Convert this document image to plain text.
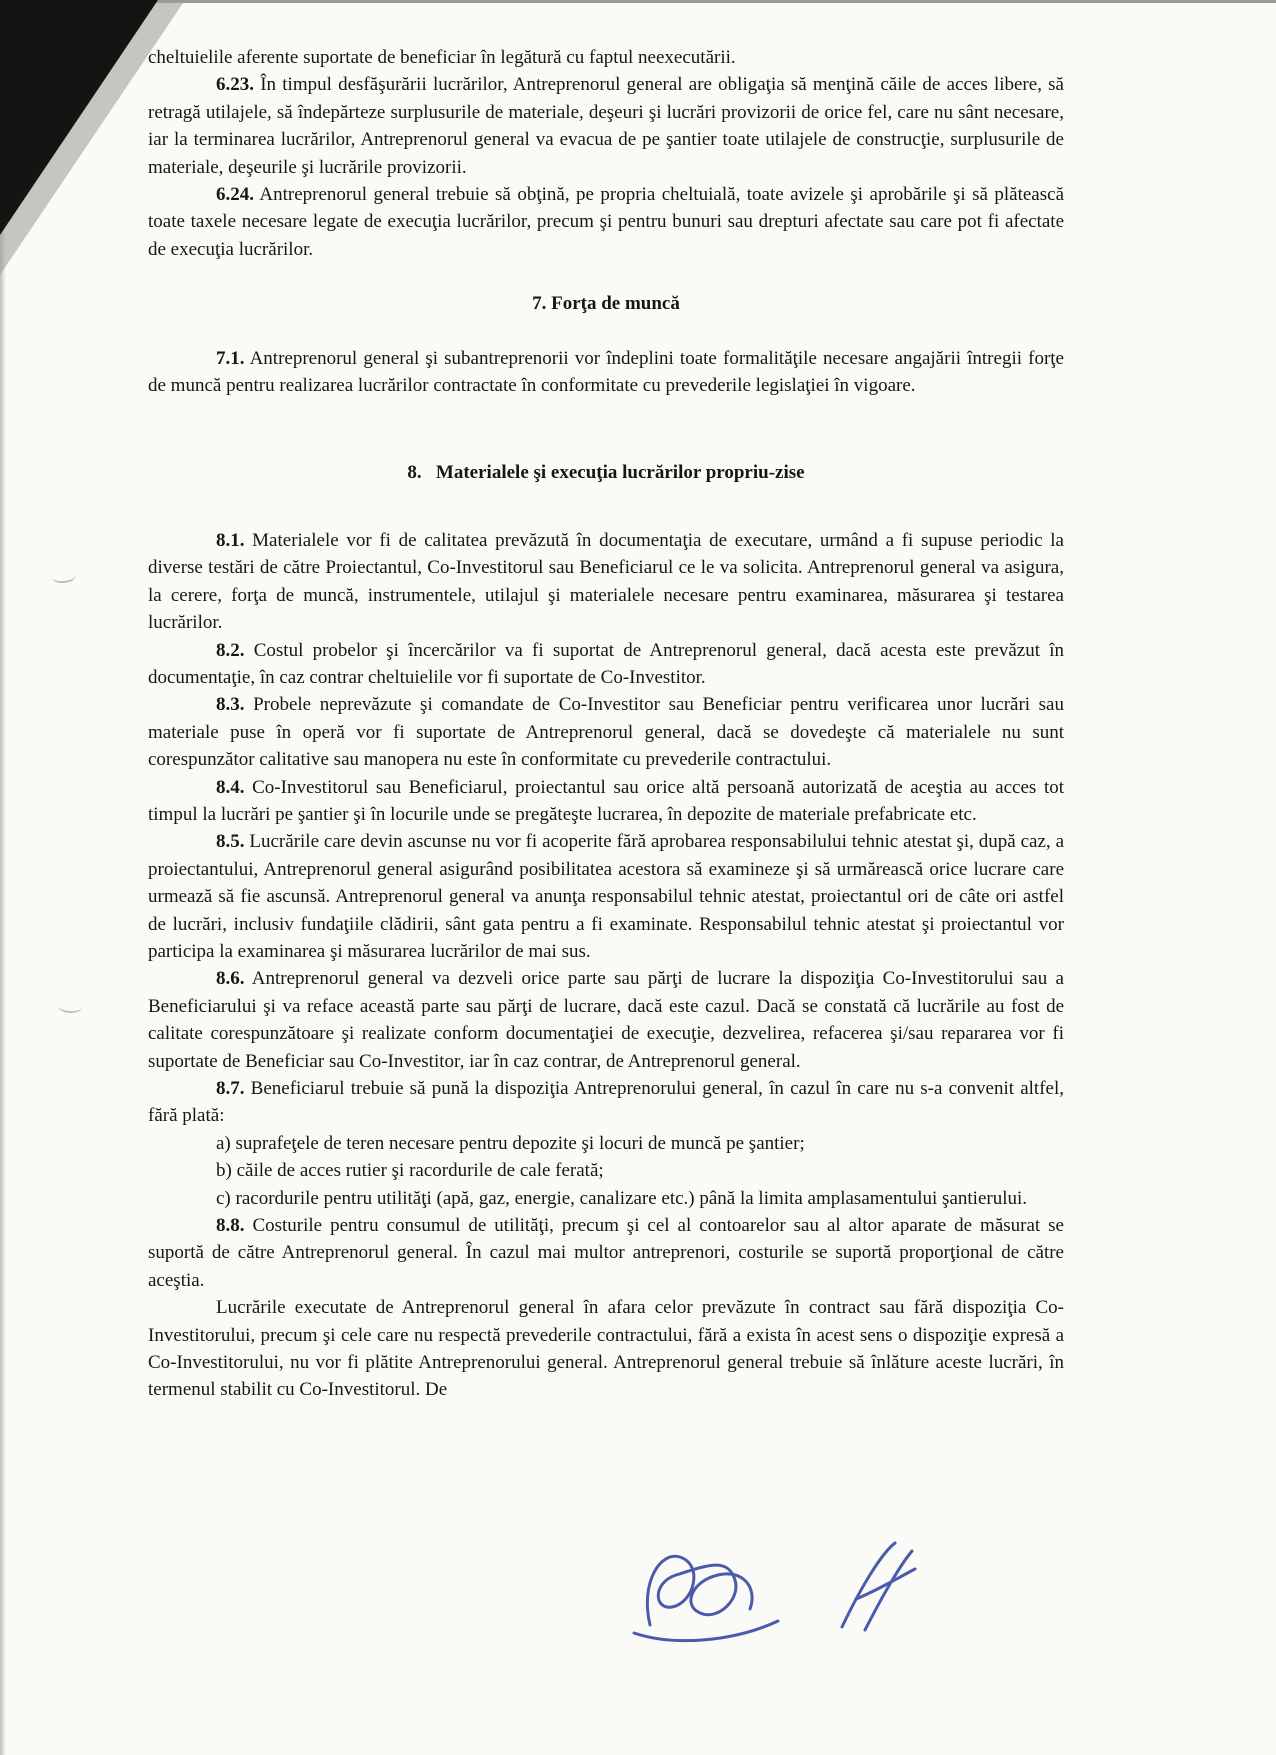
cheltuielile aferente suportate de beneficiar în legătură cu faptul neexecutării.

6.23. În timpul desfăşurării lucrărilor, Antreprenorul general are obligaţia să menţină căile de acces libere, să retragă utilajele, să îndepărteze surplusurile de materiale, deşeuri şi lucrări provizorii de orice fel, care nu sânt necesare, iar la terminarea lucrărilor, Antreprenorul general va evacua de pe şantier toate utilajele de construcţie, surplusurile de materiale, deşeurile şi lucrările provizorii.

6.24. Antreprenorul general trebuie să obţină, pe propria cheltuială, toate avizele şi aprobările şi să plătească toate taxele necesare legate de execuţia lucrărilor, precum şi pentru bunuri sau drepturi afectate sau care pot fi afectate de execuţia lucrărilor.

7. Forţa de muncă

7.1. Antreprenorul general şi subantreprenorii vor îndeplini toate formalităţile necesare angajării întregii forţe de muncă pentru realizarea lucrărilor contractate în conformitate cu prevederile legislaţiei în vigoare.

8.   Materialele şi execuţia lucrărilor propriu-zise

8.1. Materialele vor fi de calitatea prevăzută în documentaţia de executare, urmând a fi supuse periodic la diverse testări de către Proiectantul, Co-Investitorul sau Beneficiarul ce le va solicita. Antreprenorul general va asigura, la cerere, forţa de muncă, instrumentele, utilajul şi materialele necesare pentru examinarea, măsurarea şi testarea lucrărilor.

8.2. Costul probelor şi încercărilor va fi suportat de Antreprenorul general, dacă acesta este prevăzut în documentaţie, în caz contrar cheltuielile vor fi suportate de Co-Investitor.

8.3. Probele neprevăzute şi comandate de Co-Investitor sau Beneficiar pentru verificarea unor lucrări sau materiale puse în operă vor fi suportate de Antreprenorul general, dacă se dovedeşte că materialele nu sunt corespunzător calitative sau manopera nu este în conformitate cu prevederile contractului.

8.4. Co-Investitorul sau Beneficiarul, proiectantul sau orice altă persoană autorizată de aceştia au acces tot timpul la lucrări pe şantier şi în locurile unde se pregăteşte lucrarea, în depozite de materiale prefabricate etc.

8.5. Lucrările care devin ascunse nu vor fi acoperite fără aprobarea responsabilului tehnic atestat şi, după caz, a proiectantului, Antreprenorul general asigurând posibilitatea acestora să examineze şi să urmărească orice lucrare care urmează să fie ascunsă. Antreprenorul general va anunţa responsabilul tehnic atestat, proiectantul ori de câte ori astfel de lucrări, inclusiv fundaţiile clădirii, sânt gata pentru a fi examinate. Responsabilul tehnic atestat şi proiectantul vor participa la examinarea şi măsurarea lucrărilor de mai sus.

8.6. Antreprenorul general va dezveli orice parte sau părţi de lucrare la dispoziţia Co-Investitorului sau a Beneficiarului şi va reface această parte sau părţi de lucrare, dacă este cazul. Dacă se constată că lucrările au fost de calitate corespunzătoare şi realizate conform documentaţiei de execuţie, dezvelirea, refacerea şi/sau repararea vor fi suportate de Beneficiar sau Co-Investitor, iar în caz contrar, de Antreprenorul general.

8.7. Beneficiarul trebuie să pună la dispoziţia Antreprenorului general, în cazul în care nu s-a convenit altfel, fără plată:

a) suprafeţele de teren necesare pentru depozite şi locuri de muncă pe şantier;

b) căile de acces rutier şi racordurile de cale ferată;

c) racordurile pentru utilităţi (apă, gaz, energie, canalizare etc.) până la limita amplasamentului şantierului.

8.8. Costurile pentru consumul de utilităţi, precum şi cel al contoarelor sau al altor aparate de măsurat se suportă de către Antreprenorul general. În cazul mai multor antreprenori, costurile se suportă proporţional de către aceştia.

Lucrările executate de Antreprenorul general în afara celor prevăzute în contract sau fără dispoziţia Co-Investitorului, precum şi cele care nu respectă prevederile contractului, fără a exista în acest sens o dispoziţie expresă a Co-Investitorului, nu vor fi plătite Antreprenorului general. Antreprenorul general trebuie să înlăture aceste lucrări, în termenul stabilit cu Co-Investitorul. De
